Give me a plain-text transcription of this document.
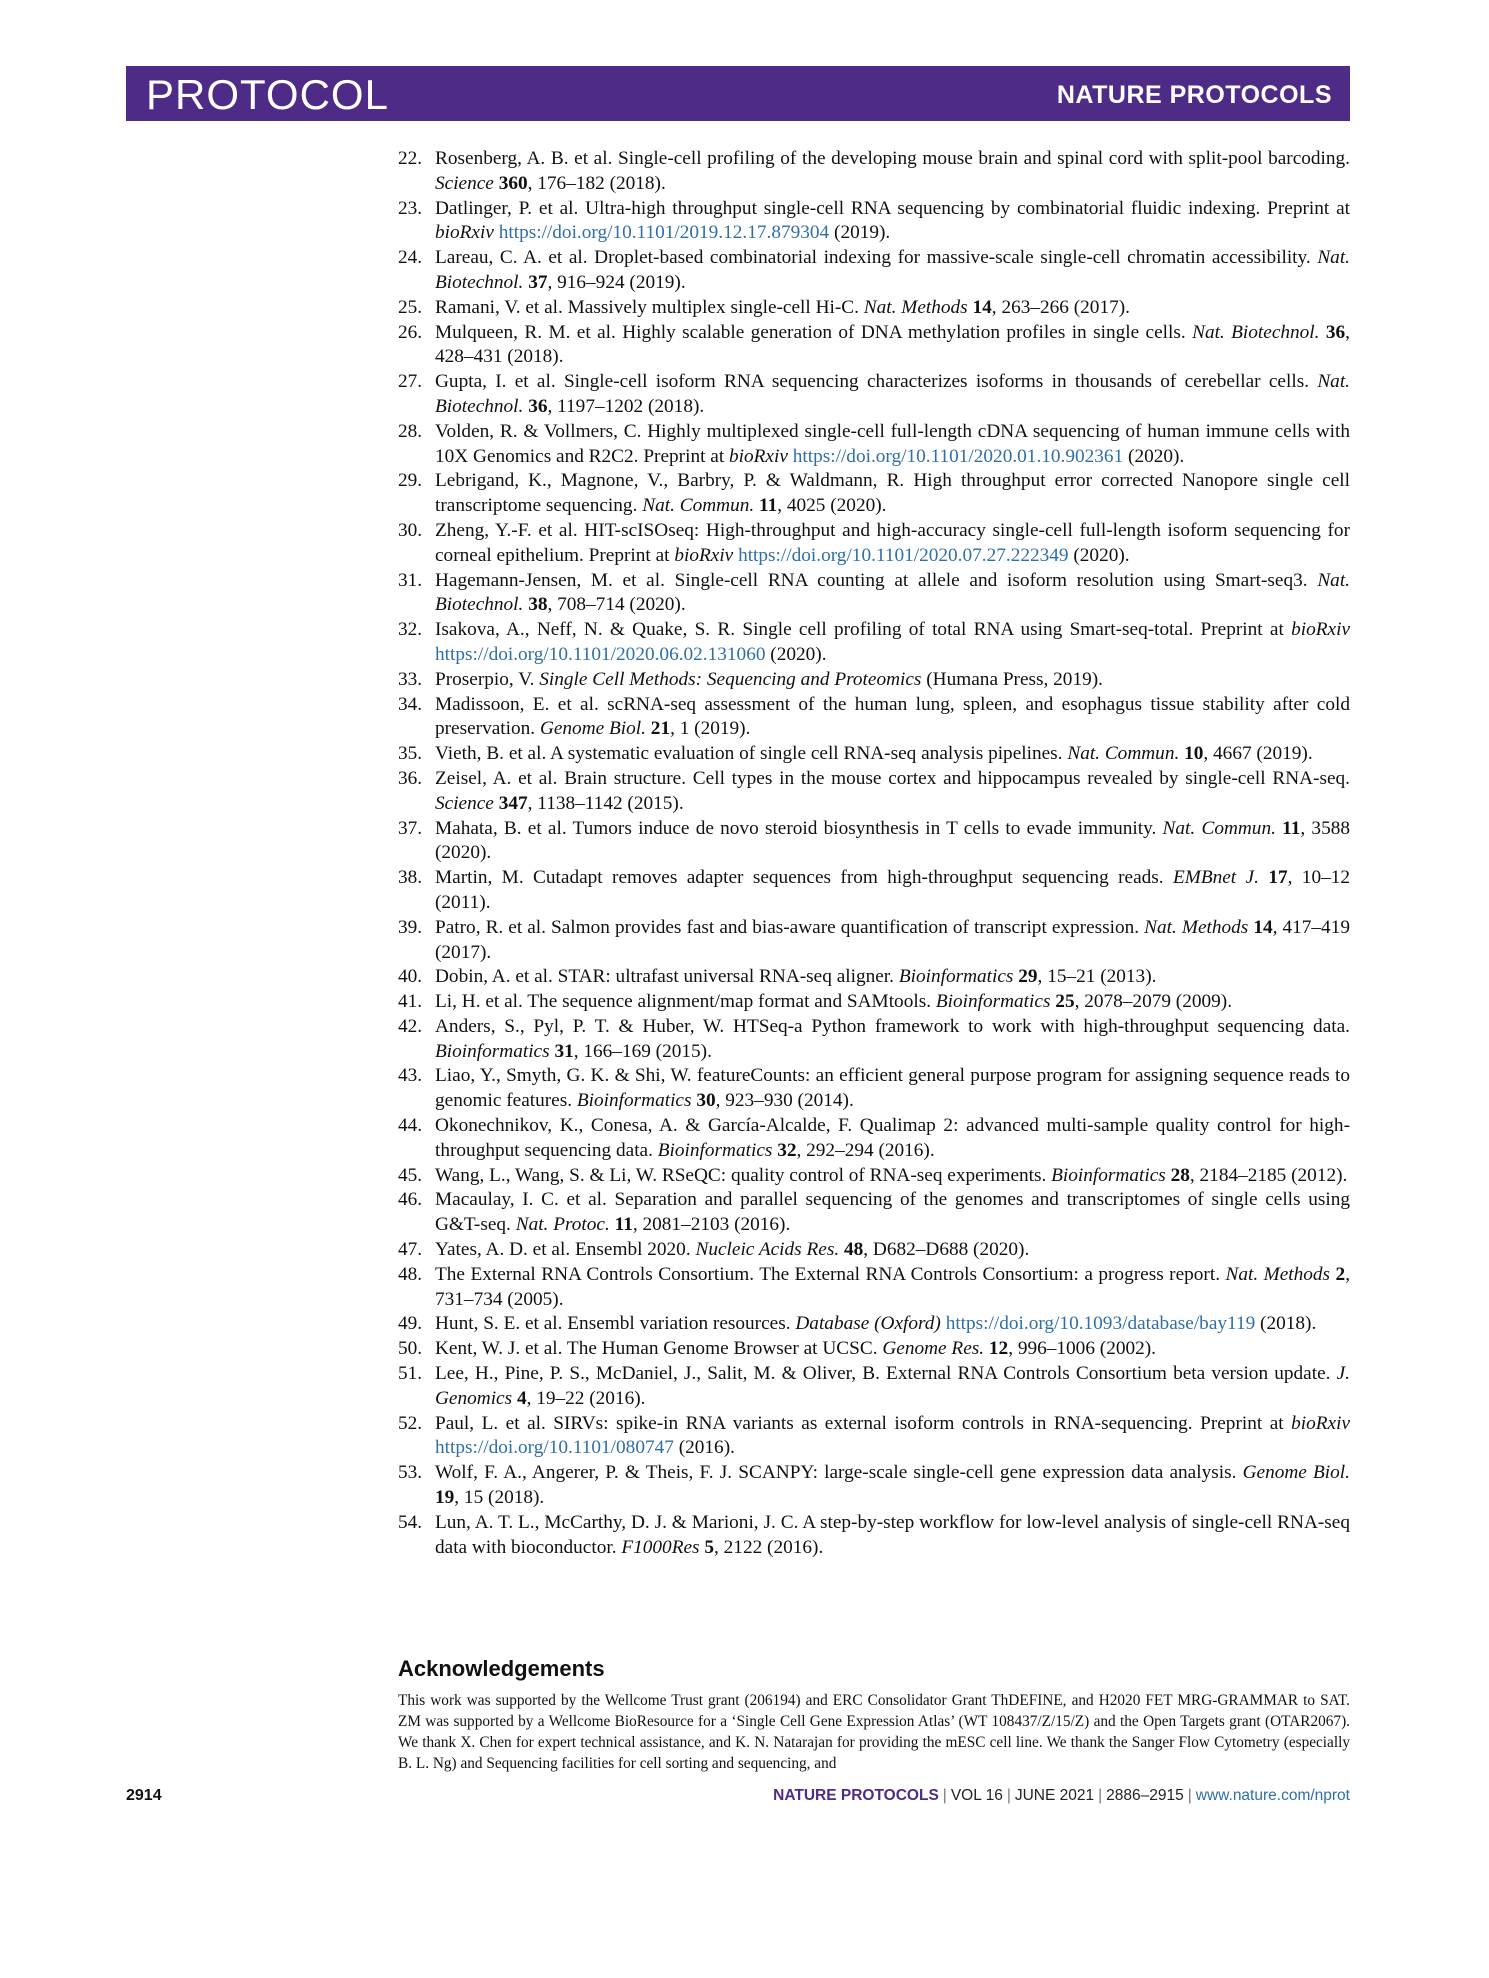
PROTOCOL	NATURE PROTOCOLS
22. Rosenberg, A. B. et al. Single-cell profiling of the developing mouse brain and spinal cord with split-pool barcoding. Science 360, 176–182 (2018).
23. Datlinger, P. et al. Ultra-high throughput single-cell RNA sequencing by combinatorial fluidic indexing. Preprint at bioRxiv https://doi.org/10.1101/2019.12.17.879304 (2019).
24. Lareau, C. A. et al. Droplet-based combinatorial indexing for massive-scale single-cell chromatin accessibility. Nat. Biotechnol. 37, 916–924 (2019).
25. Ramani, V. et al. Massively multiplex single-cell Hi-C. Nat. Methods 14, 263–266 (2017).
26. Mulqueen, R. M. et al. Highly scalable generation of DNA methylation profiles in single cells. Nat. Biotechnol. 36, 428–431 (2018).
27. Gupta, I. et al. Single-cell isoform RNA sequencing characterizes isoforms in thousands of cerebellar cells. Nat. Biotechnol. 36, 1197–1202 (2018).
28. Volden, R. & Vollmers, C. Highly multiplexed single-cell full-length cDNA sequencing of human immune cells with 10X Genomics and R2C2. Preprint at bioRxiv https://doi.org/10.1101/2020.01.10.902361 (2020).
29. Lebrigand, K., Magnone, V., Barbry, P. & Waldmann, R. High throughput error corrected Nanopore single cell transcriptome sequencing. Nat. Commun. 11, 4025 (2020).
30. Zheng, Y.-F. et al. HIT-scISOseq: High-throughput and high-accuracy single-cell full-length isoform sequencing for corneal epithelium. Preprint at bioRxiv https://doi.org/10.1101/2020.07.27.222349 (2020).
31. Hagemann-Jensen, M. et al. Single-cell RNA counting at allele and isoform resolution using Smart-seq3. Nat. Biotechnol. 38, 708–714 (2020).
32. Isakova, A., Neff, N. & Quake, S. R. Single cell profiling of total RNA using Smart-seq-total. Preprint at bioRxiv https://doi.org/10.1101/2020.06.02.131060 (2020).
33. Proserpio, V. Single Cell Methods: Sequencing and Proteomics (Humana Press, 2019).
34. Madissoon, E. et al. scRNA-seq assessment of the human lung, spleen, and esophagus tissue stability after cold preservation. Genome Biol. 21, 1 (2019).
35. Vieth, B. et al. A systematic evaluation of single cell RNA-seq analysis pipelines. Nat. Commun. 10, 4667 (2019).
36. Zeisel, A. et al. Brain structure. Cell types in the mouse cortex and hippocampus revealed by single-cell RNA-seq. Science 347, 1138–1142 (2015).
37. Mahata, B. et al. Tumors induce de novo steroid biosynthesis in T cells to evade immunity. Nat. Commun. 11, 3588 (2020).
38. Martin, M. Cutadapt removes adapter sequences from high-throughput sequencing reads. EMBnet J. 17, 10–12 (2011).
39. Patro, R. et al. Salmon provides fast and bias-aware quantification of transcript expression. Nat. Methods 14, 417–419 (2017).
40. Dobin, A. et al. STAR: ultrafast universal RNA-seq aligner. Bioinformatics 29, 15–21 (2013).
41. Li, H. et al. The sequence alignment/map format and SAMtools. Bioinformatics 25, 2078–2079 (2009).
42. Anders, S., Pyl, P. T. & Huber, W. HTSeq-a Python framework to work with high-throughput sequencing data. Bioinformatics 31, 166–169 (2015).
43. Liao, Y., Smyth, G. K. & Shi, W. featureCounts: an efficient general purpose program for assigning sequence reads to genomic features. Bioinformatics 30, 923–930 (2014).
44. Okonechnikov, K., Conesa, A. & García-Alcalde, F. Qualimap 2: advanced multi-sample quality control for high-throughput sequencing data. Bioinformatics 32, 292–294 (2016).
45. Wang, L., Wang, S. & Li, W. RSeQC: quality control of RNA-seq experiments. Bioinformatics 28, 2184–2185 (2012).
46. Macaulay, I. C. et al. Separation and parallel sequencing of the genomes and transcriptomes of single cells using G&T-seq. Nat. Protoc. 11, 2081–2103 (2016).
47. Yates, A. D. et al. Ensembl 2020. Nucleic Acids Res. 48, D682–D688 (2020).
48. The External RNA Controls Consortium. The External RNA Controls Consortium: a progress report. Nat. Methods 2, 731–734 (2005).
49. Hunt, S. E. et al. Ensembl variation resources. Database (Oxford) https://doi.org/10.1093/database/bay119 (2018).
50. Kent, W. J. et al. The Human Genome Browser at UCSC. Genome Res. 12, 996–1006 (2002).
51. Lee, H., Pine, P. S., McDaniel, J., Salit, M. & Oliver, B. External RNA Controls Consortium beta version update. J. Genomics 4, 19–22 (2016).
52. Paul, L. et al. SIRVs: spike-in RNA variants as external isoform controls in RNA-sequencing. Preprint at bioRxiv https://doi.org/10.1101/080747 (2016).
53. Wolf, F. A., Angerer, P. & Theis, F. J. SCANPY: large-scale single-cell gene expression data analysis. Genome Biol. 19, 15 (2018).
54. Lun, A. T. L., McCarthy, D. J. & Marioni, J. C. A step-by-step workflow for low-level analysis of single-cell RNA-seq data with bioconductor. F1000Res 5, 2122 (2016).
Acknowledgements
This work was supported by the Wellcome Trust grant (206194) and ERC Consolidator Grant ThDEFINE, and H2020 FET MRG-GRAMMAR to SAT. ZM was supported by a Wellcome BioResource for a ‘Single Cell Gene Expression Atlas’ (WT 108437/Z/15/Z) and the Open Targets grant (OTAR2067). We thank X. Chen for expert technical assistance, and K. N. Natarajan for providing the mESC cell line. We thank the Sanger Flow Cytometry (especially B. L. Ng) and Sequencing facilities for cell sorting and sequencing, and
2914	NATURE PROTOCOLS | VOL 16 | JUNE 2021 | 2886–2915 | www.nature.com/nprot
